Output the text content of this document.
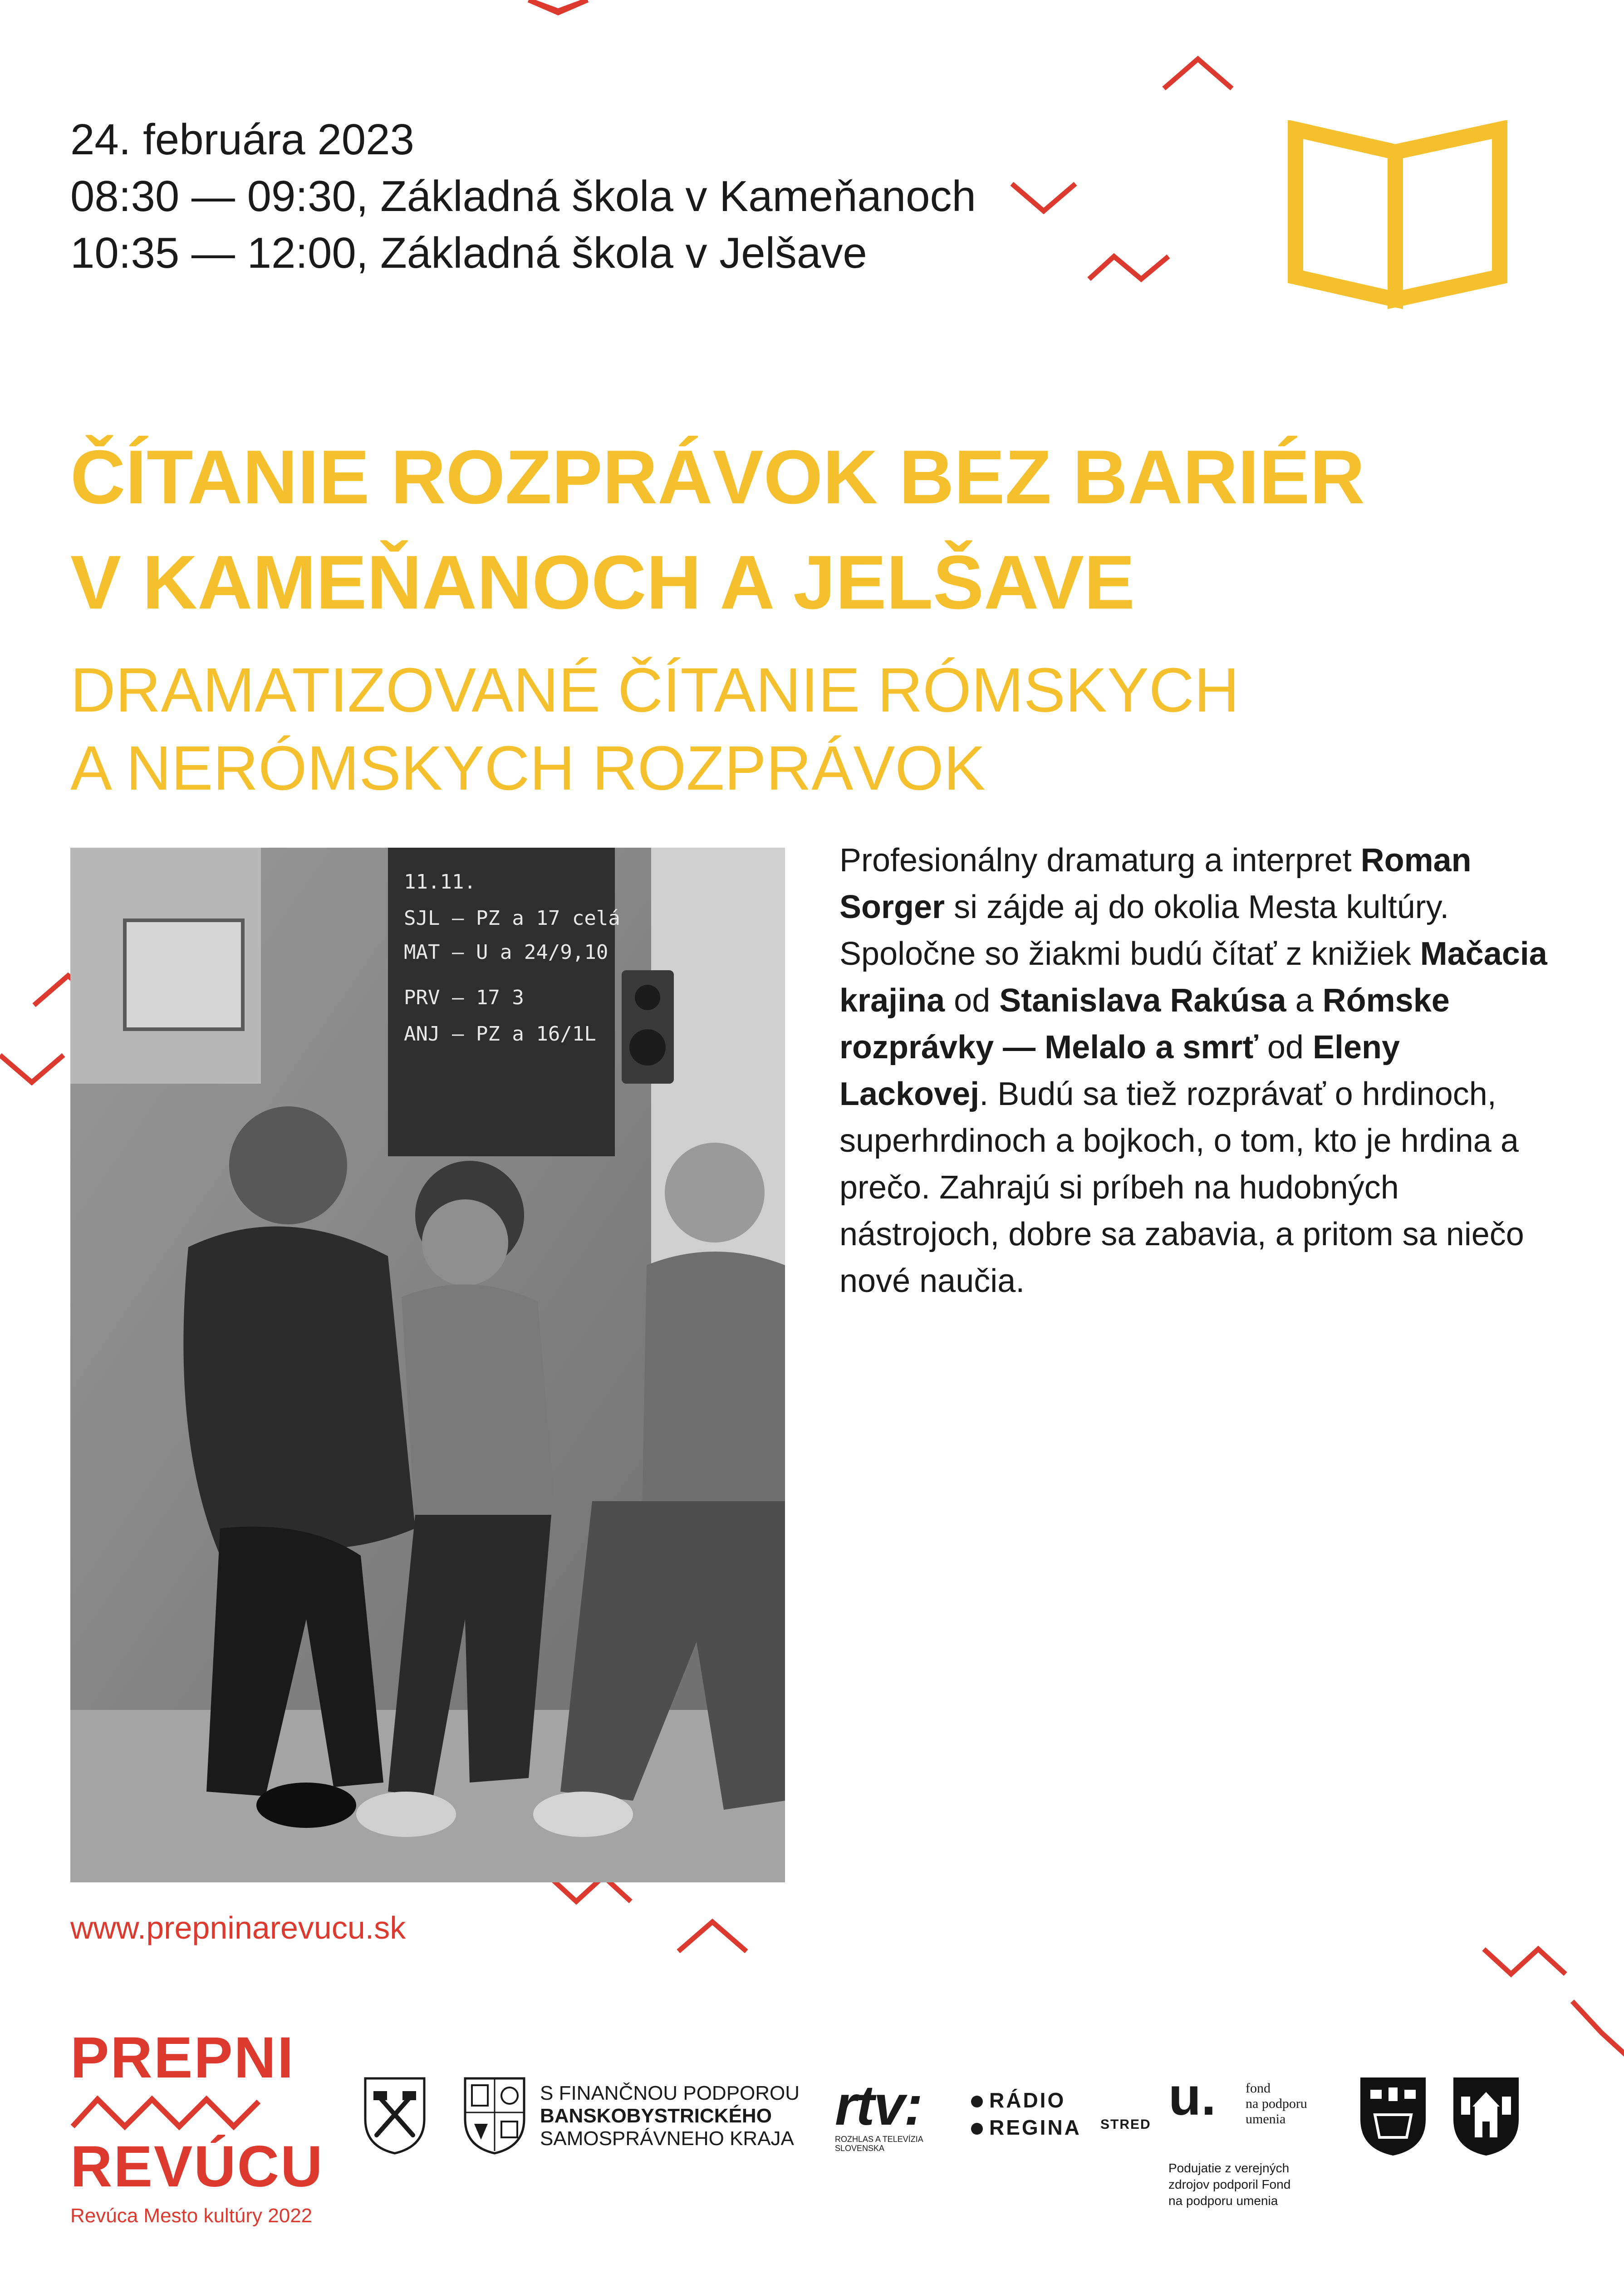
24. februára 2023
08:30 — 09:30, Základná škola v Kameňanoch
10:35 — 12:00, Základná škola v Jelšave
ČÍTANIE ROZPRÁVOK BEZ BARIÉR
V KAMEŇANOCH A JELŠAVE
DRAMATIZOVANÉ ČÍTANIE RÓMSKYCH
A NERÓMSKYCH ROZPRÁVOK
11.11.
SJL – PZ a 17 celá
MAT – U a 24/9,10
PRV – 17 3
ANJ – PZ a 16/1L
Profesionálny dramaturg a interpret Roman Sorger si zájde aj do okolia Mesta kultúry. Spoločne so žiakmi budú čítať z knižiek Mačacia krajina od Stanislava Rakúsa a Rómske rozprávky — Melalo a smrť od Eleny Lackovej. Budú sa tiež rozprávať o hrdinoch, superhrdinoch a bojkoch, o tom, kto je hrdina a prečo. Zahrajú si príbeh na hudobných nástrojoch, dobre sa zabavia, a pritom sa niečo nové naučia.
www.prepninarevucu.sk
PREPNI
REVÚCU
Revúca Mesto kultúry 2022
S FINANČNOU PODPOROU
BANSKOBYSTRICKÉHO
SAMOSPRÁVNEHO KRAJA
rtv:
ROZHLAS A TELEVÍZIA
SLOVENSKA
RÁDIO
REGINA STRED u. fond
na podporu
umenia
Podujatie z verejných
zdrojov podporil Fond
na podporu umenia
